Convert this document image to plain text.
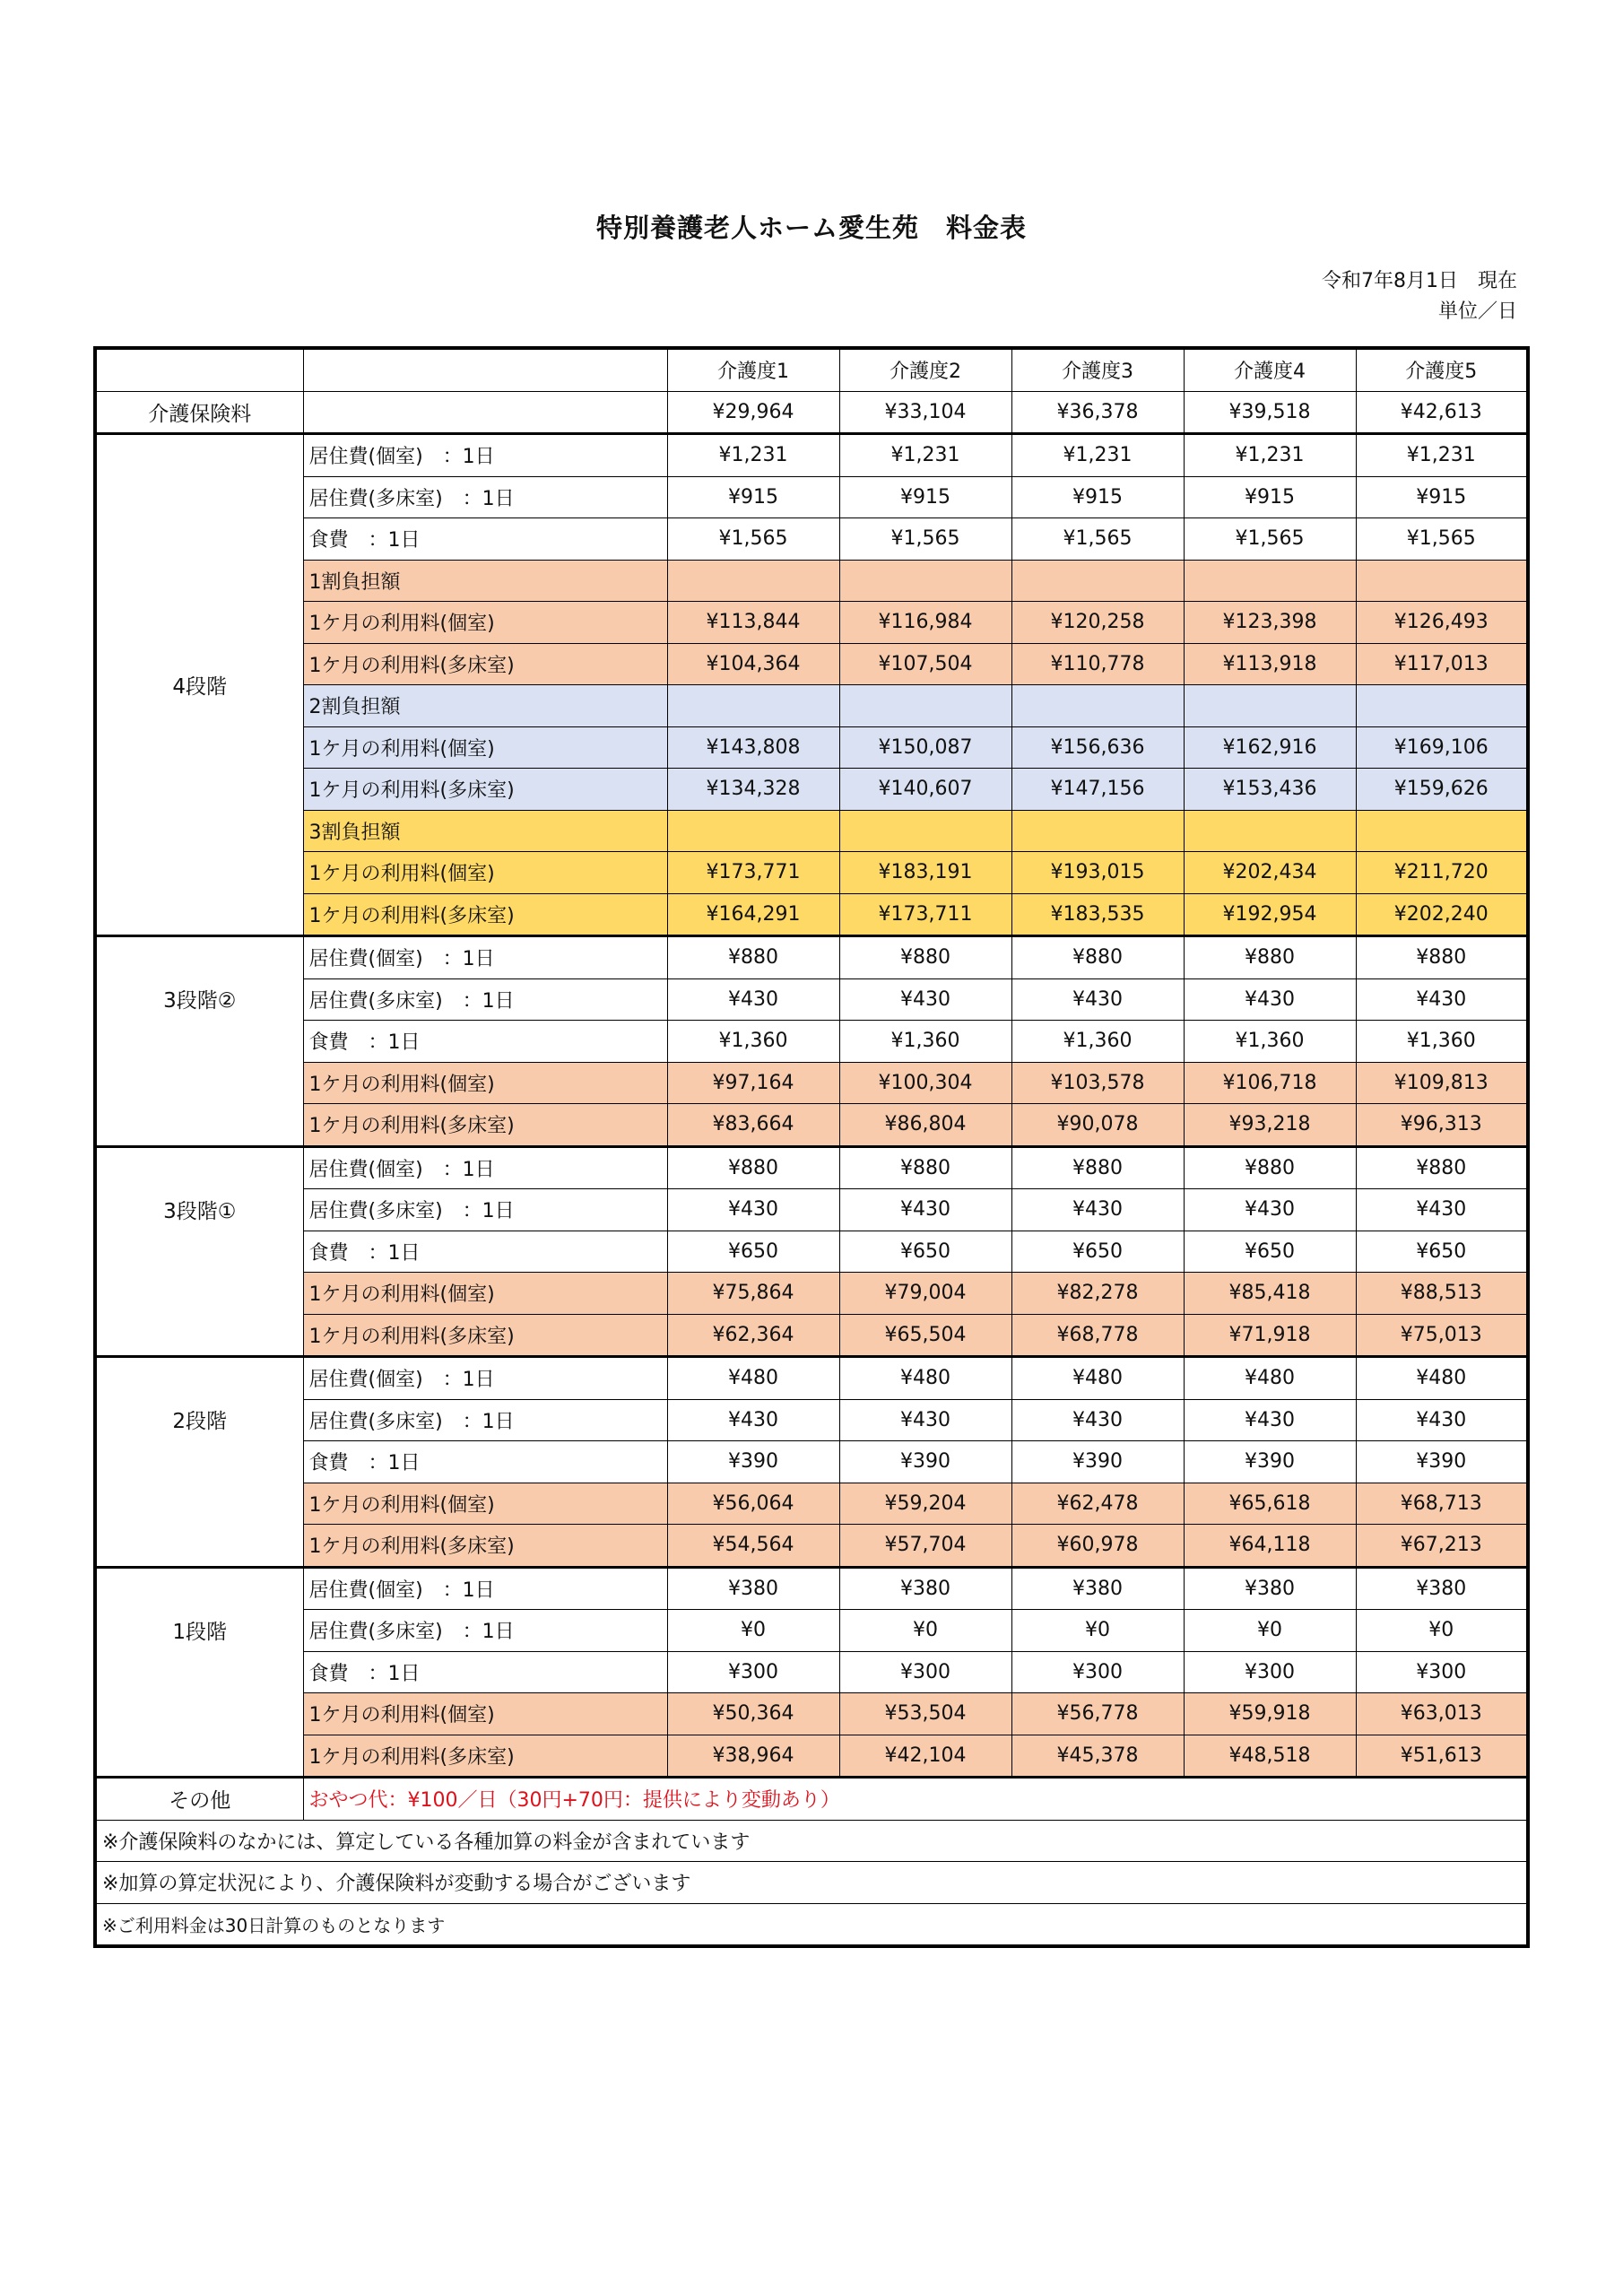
特別養護老人ホーム愛生苑　料金表
令和7年8月1日　現在
単位／日
		介護度1	介護度2	介護度3	介護度4	介護度5
介護保険料		¥29,964	¥33,104	¥36,378	¥39,518	¥42,613
4段階	居住費(個室)　：1日	¥1,231	¥1,231	¥1,231	¥1,231	¥1,231
	居住費(多床室)　：1日	¥915	¥915	¥915	¥915	¥915
	食費　：1日	¥1,565	¥1,565	¥1,565	¥1,565	¥1,565
	1割負担額					
	1ケ月の利用料(個室)	¥113,844	¥116,984	¥120,258	¥123,398	¥126,493
	1ケ月の利用料(多床室)	¥104,364	¥107,504	¥110,778	¥113,918	¥117,013
	2割負担額					
	1ケ月の利用料(個室)	¥143,808	¥150,087	¥156,636	¥162,916	¥169,106
	1ケ月の利用料(多床室)	¥134,328	¥140,607	¥147,156	¥153,436	¥159,626
	3割負担額					
	1ケ月の利用料(個室)	¥173,771	¥183,191	¥193,015	¥202,434	¥211,720
	1ケ月の利用料(多床室)	¥164,291	¥173,711	¥183,535	¥192,954	¥202,240
3段階②	居住費(個室)　：1日	¥880	¥880	¥880	¥880	¥880
	居住費(多床室)　：1日	¥430	¥430	¥430	¥430	¥430
	食費　：1日	¥1,360	¥1,360	¥1,360	¥1,360	¥1,360
	1ケ月の利用料(個室)	¥97,164	¥100,304	¥103,578	¥106,718	¥109,813
	1ケ月の利用料(多床室)	¥83,664	¥86,804	¥90,078	¥93,218	¥96,313
3段階①	居住費(個室)　：1日	¥880	¥880	¥880	¥880	¥880
	居住費(多床室)　：1日	¥430	¥430	¥430	¥430	¥430
	食費　：1日	¥650	¥650	¥650	¥650	¥650
	1ケ月の利用料(個室)	¥75,864	¥79,004	¥82,278	¥85,418	¥88,513
	1ケ月の利用料(多床室)	¥62,364	¥65,504	¥68,778	¥71,918	¥75,013
2段階	居住費(個室)　：1日	¥480	¥480	¥480	¥480	¥480
	居住費(多床室)　：1日	¥430	¥430	¥430	¥430	¥430
	食費　：1日	¥390	¥390	¥390	¥390	¥390
	1ケ月の利用料(個室)	¥56,064	¥59,204	¥62,478	¥65,618	¥68,713
	1ケ月の利用料(多床室)	¥54,564	¥57,704	¥60,978	¥64,118	¥67,213
1段階	居住費(個室)　：1日	¥380	¥380	¥380	¥380	¥380
	居住費(多床室)　：1日	¥0	¥0	¥0	¥0	¥0
	食費　：1日	¥300	¥300	¥300	¥300	¥300
	1ケ月の利用料(個室)	¥50,364	¥53,504	¥56,778	¥59,918	¥63,013
	1ケ月の利用料(多床室)	¥38,964	¥42,104	¥45,378	¥48,518	¥51,613
その他	おやつ代：¥100／日（30円+70円：提供により変動あり）					
※介護保険料のなかには、算定している各種加算の料金が含まれています						
※加算の算定状況により、介護保険料が変動する場合がございます						
※ご利用料金は30日計算のものとなります						
